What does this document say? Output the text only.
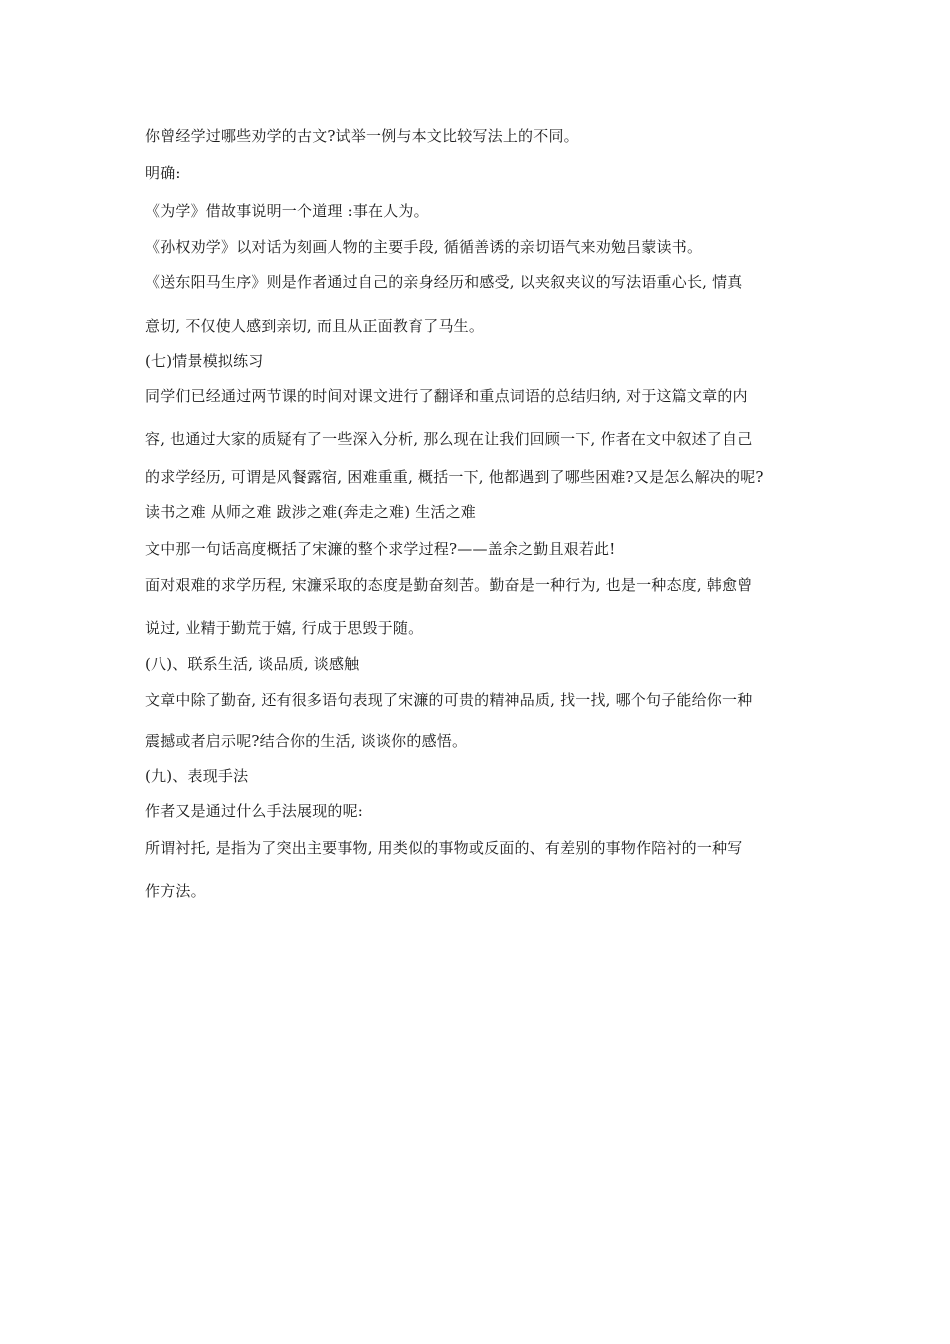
你曾经学过哪些劝学的古文?试举一例与本文比较写法上的不同。
明确:
《为学》借故事说明一个道理 :事在人为。
《孙权劝学》以对话为刻画人物的主要手段, 循循善诱的亲切语气来劝勉吕蒙读书。
《送东阳马生序》则是作者通过自己的亲身经历和感受, 以夹叙夹议的写法语重心长, 情真
意切, 不仅使人感到亲切, 而且从正面教育了马生。
(七)情景模拟练习
同学们已经通过两节课的时间对课文进行了翻译和重点词语的总结归纳, 对于这篇文章的内
容, 也通过大家的质疑有了一些深入分析, 那么现在让我们回顾一下, 作者在文中叙述了自己
的求学经历, 可谓是风餐露宿, 困难重重, 概括一下, 他都遇到了哪些困难?又是怎么解决的呢?
读书之难 从师之难 跋涉之难(奔走之难) 生活之难
文中那一句话高度概括了宋濂的整个求学过程?——盖余之勤且艰若此!
面对艰难的求学历程, 宋濂采取的态度是勤奋刻苦。勤奋是一种行为, 也是一种态度, 韩愈曾
说过, 业精于勤荒于嬉, 行成于思毁于随。
(八)、联系生活, 谈品质, 谈感触
文章中除了勤奋, 还有很多语句表现了宋濂的可贵的精神品质, 找一找, 哪个句子能给你一种
震撼或者启示呢?结合你的生活, 谈谈你的感悟。
(九)、表现手法
作者又是通过什么手法展现的呢:
所谓衬托, 是指为了突出主要事物, 用类似的事物或反面的、有差别的事物作陪衬的一种写
作方法。
